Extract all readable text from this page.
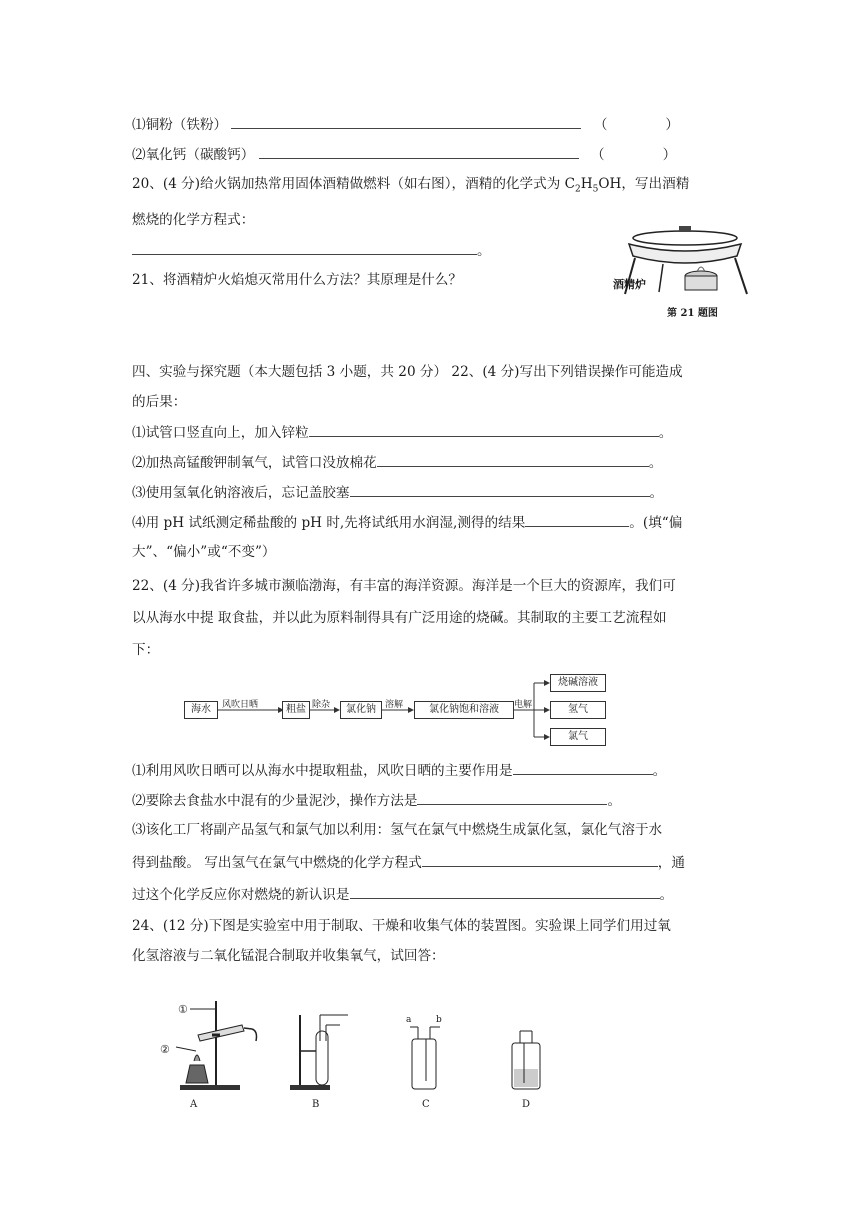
⑴铜粉（铁粉）	（	）
⑵氧化钙（碳酸钙）	（	）
20、(4 分)给火锅加热常用固体酒精做燃料（如右图），酒精的化学式为 $C_2H_5OH$，写出酒精
燃烧的化学方程式：
。
21、将酒精炉火焰熄灭常用什么方法？其原理是什么？	酒精炉
第 21 题图
四、实验与探究题（本大题包括 3 小题，共 20 分） 22、(4 分)写出下列错误操作可能造成
的后果：
⑴试管口竖直向上，加入锌粒	。
⑵加热高锰酸钾制氧气，试管口没放棉花	。
⑶使用氢氧化钠溶液后，忘记盖胶塞	。
⑷用 pH 试纸测定稀盐酸的 pH 时,先将试纸用水润湿,测得的结果	。(填“偏
大”、“偏小”或“不变”）
22、(4 分)我省许多城市濒临渤海，有丰富的海洋资源。海洋是一个巨大的资源库，我们可
以从海水中提 取食盐，并以此为原料制得具有广泛用途的烧碱。其制取的主要工艺流程如
下：
海水	风吹日晒	粗盐 除杂	氯化钠	溶解	氯化钠饱和溶液	电解
烧碱溶液
氢气
氯气
⑴利用风吹日晒可以从海水中提取粗盐，风吹日晒的主要作用是	。
⑵要除去食盐水中混有的少量泥沙，操作方法是	。
⑶该化工厂将副产品氢气和氯气加以利用：氢气在氯气中燃烧生成氯化氢，氯化气溶于水
得到盐酸。 写出氢气在氯气中燃烧的化学方程式	，通
过这个化学反应你对燃烧的新认识是	。
24、(12 分)下图是实验室中用于制取、干燥和收集气体的装置图。实验课上同学们用过氧
化氢溶液与二氧化锰混合制取并收集氧气，试回答：
①
②
a	b
A	B	C	D
